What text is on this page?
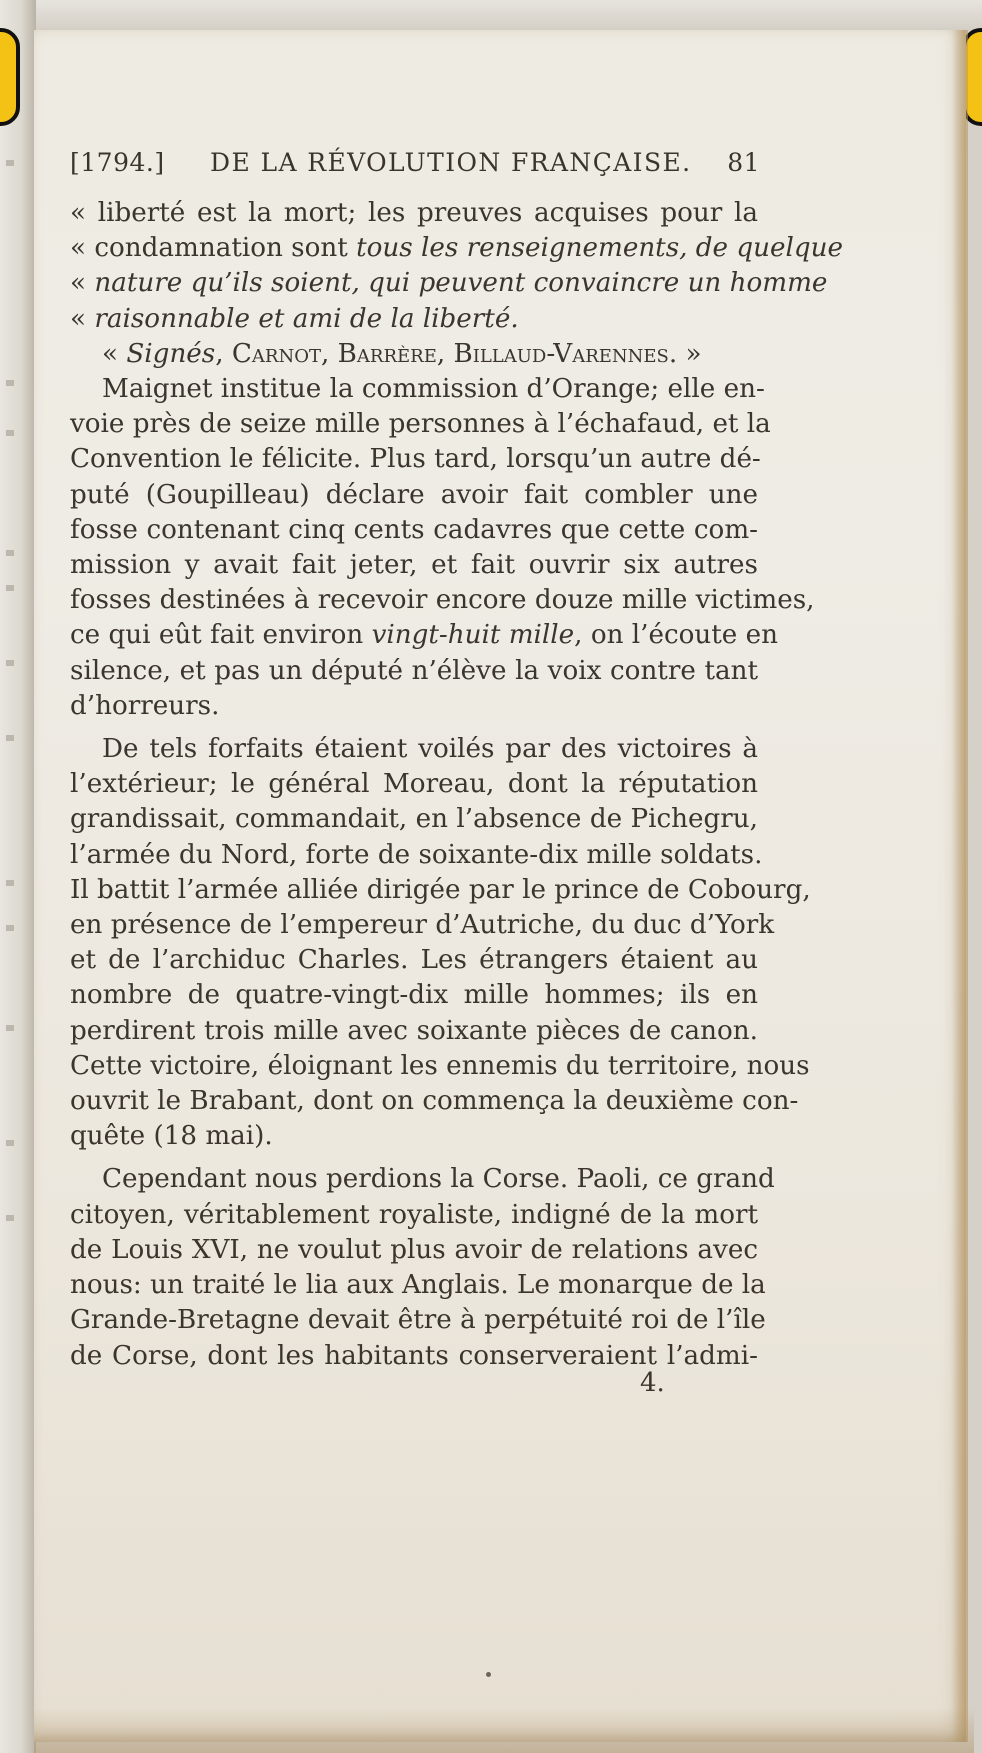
[1794.] DE LA RÉVOLUTION FRANÇAISE. 81
« liberté est la mort; les preuves acquises pour la
« condamnation sont tous les renseignements, de quelque
« nature qu’ils soient, qui peuvent convaincre un homme
« raisonnable et ami de la liberté.
« Signés, Carnot, Barrère, Billaud-Varennes. »
Maignet institue la commission d’Orange; elle en-
voie près de seize mille personnes à l’échafaud, et la
Convention le félicite. Plus tard, lorsqu’un autre dé-
puté (Goupilleau) déclare avoir fait combler une
fosse contenant cinq cents cadavres que cette com-
mission y avait fait jeter, et fait ouvrir six autres
fosses destinées à recevoir encore douze mille victimes,
ce qui eût fait environ vingt-huit mille, on l’écoute en
silence, et pas un député n’élève la voix contre tant
d’horreurs.
De tels forfaits étaient voilés par des victoires à
l’extérieur; le général Moreau, dont la réputation
grandissait, commandait, en l’absence de Pichegru,
l’armée du Nord, forte de soixante-dix mille soldats.
Il battit l’armée alliée dirigée par le prince de Cobourg,
en présence de l’empereur d’Autriche, du duc d’York
et de l’archiduc Charles. Les étrangers étaient au
nombre de quatre-vingt-dix mille hommes; ils en
perdirent trois mille avec soixante pièces de canon.
Cette victoire, éloignant les ennemis du territoire, nous
ouvrit le Brabant, dont on commença la deuxième con-
quête (18 mai).
Cependant nous perdions la Corse. Paoli, ce grand
citoyen, véritablement royaliste, indigné de la mort
de Louis XVI, ne voulut plus avoir de relations avec
nous: un traité le lia aux Anglais. Le monarque de la
Grande-Bretagne devait être à perpétuité roi de l’île
de Corse, dont les habitants conserveraient l’admi-
4.
